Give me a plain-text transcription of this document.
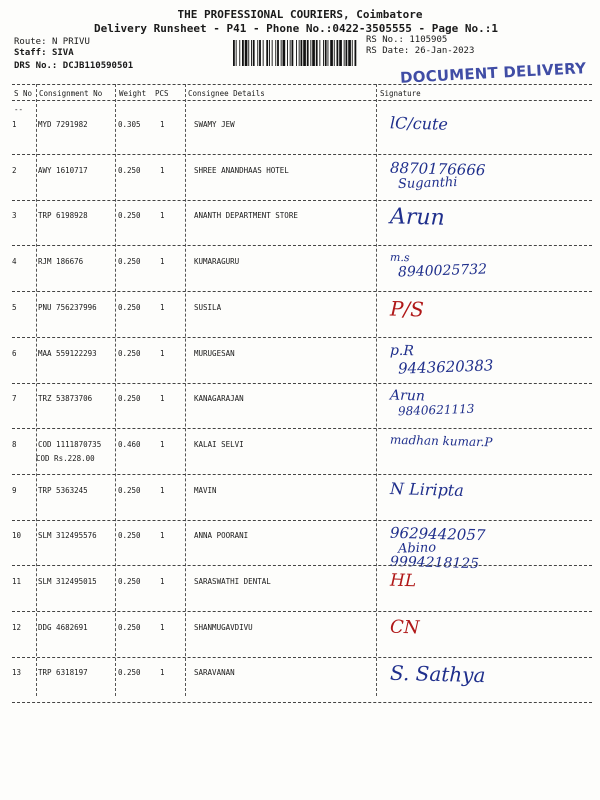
THE PROFESSIONAL COURIERS, Coimbatore
Delivery Runsheet - P41 - Phone No.:0422-3505555 - Page No.:1
Route: N PRIVU
Staff: SIVA
DRS No.: DCJB110590501
RS No.: 1105905
RS Date: 26-Jan-2023
DOCUMENT DELIVERY
S No Consignment No Weight PCS	Consignee Details	Signature
--
1	MYD 7291982	0.305	1	SWAMY JEW	lC/cute
2	AWY 1610717	0.250	1	SHREE ANANDHAAS HOTEL	8870176666
Suganthi
3	TRP 6198928	0.250	1	ANANTH DEPARTMENT STORE	Arun
4	RJM 186676	0.250	1	KUMARAGURU	m.s
8940025732
5	PNU 756237996	0.250	1	SUSILA	P/S
6	MAA 559122293	0.250	1	MURUGESAN	p.R
9443620383
7	TRZ 53873706	0.250	1	KANAGARAJAN	Arun
9840621113
8	COD 1111870735 0.460	1	KALAI SELVI
COD Rs.228.00
madhan kumar.P
9	TRP 5363245	0.250	1	MAVIN	N Liripta
10 SLM 312495576	0.250	1	ANNA POORANI	9629442057
Abino
9994218125
11 SLM 312495015	0.250	1	SARASWATHI DENTAL	HL
12 DDG 4682691	0.250	1	SHANMUGAVDIVU	CN
13 TRP 6318197	0.250	1	SARAVANAN	S. Sathya
